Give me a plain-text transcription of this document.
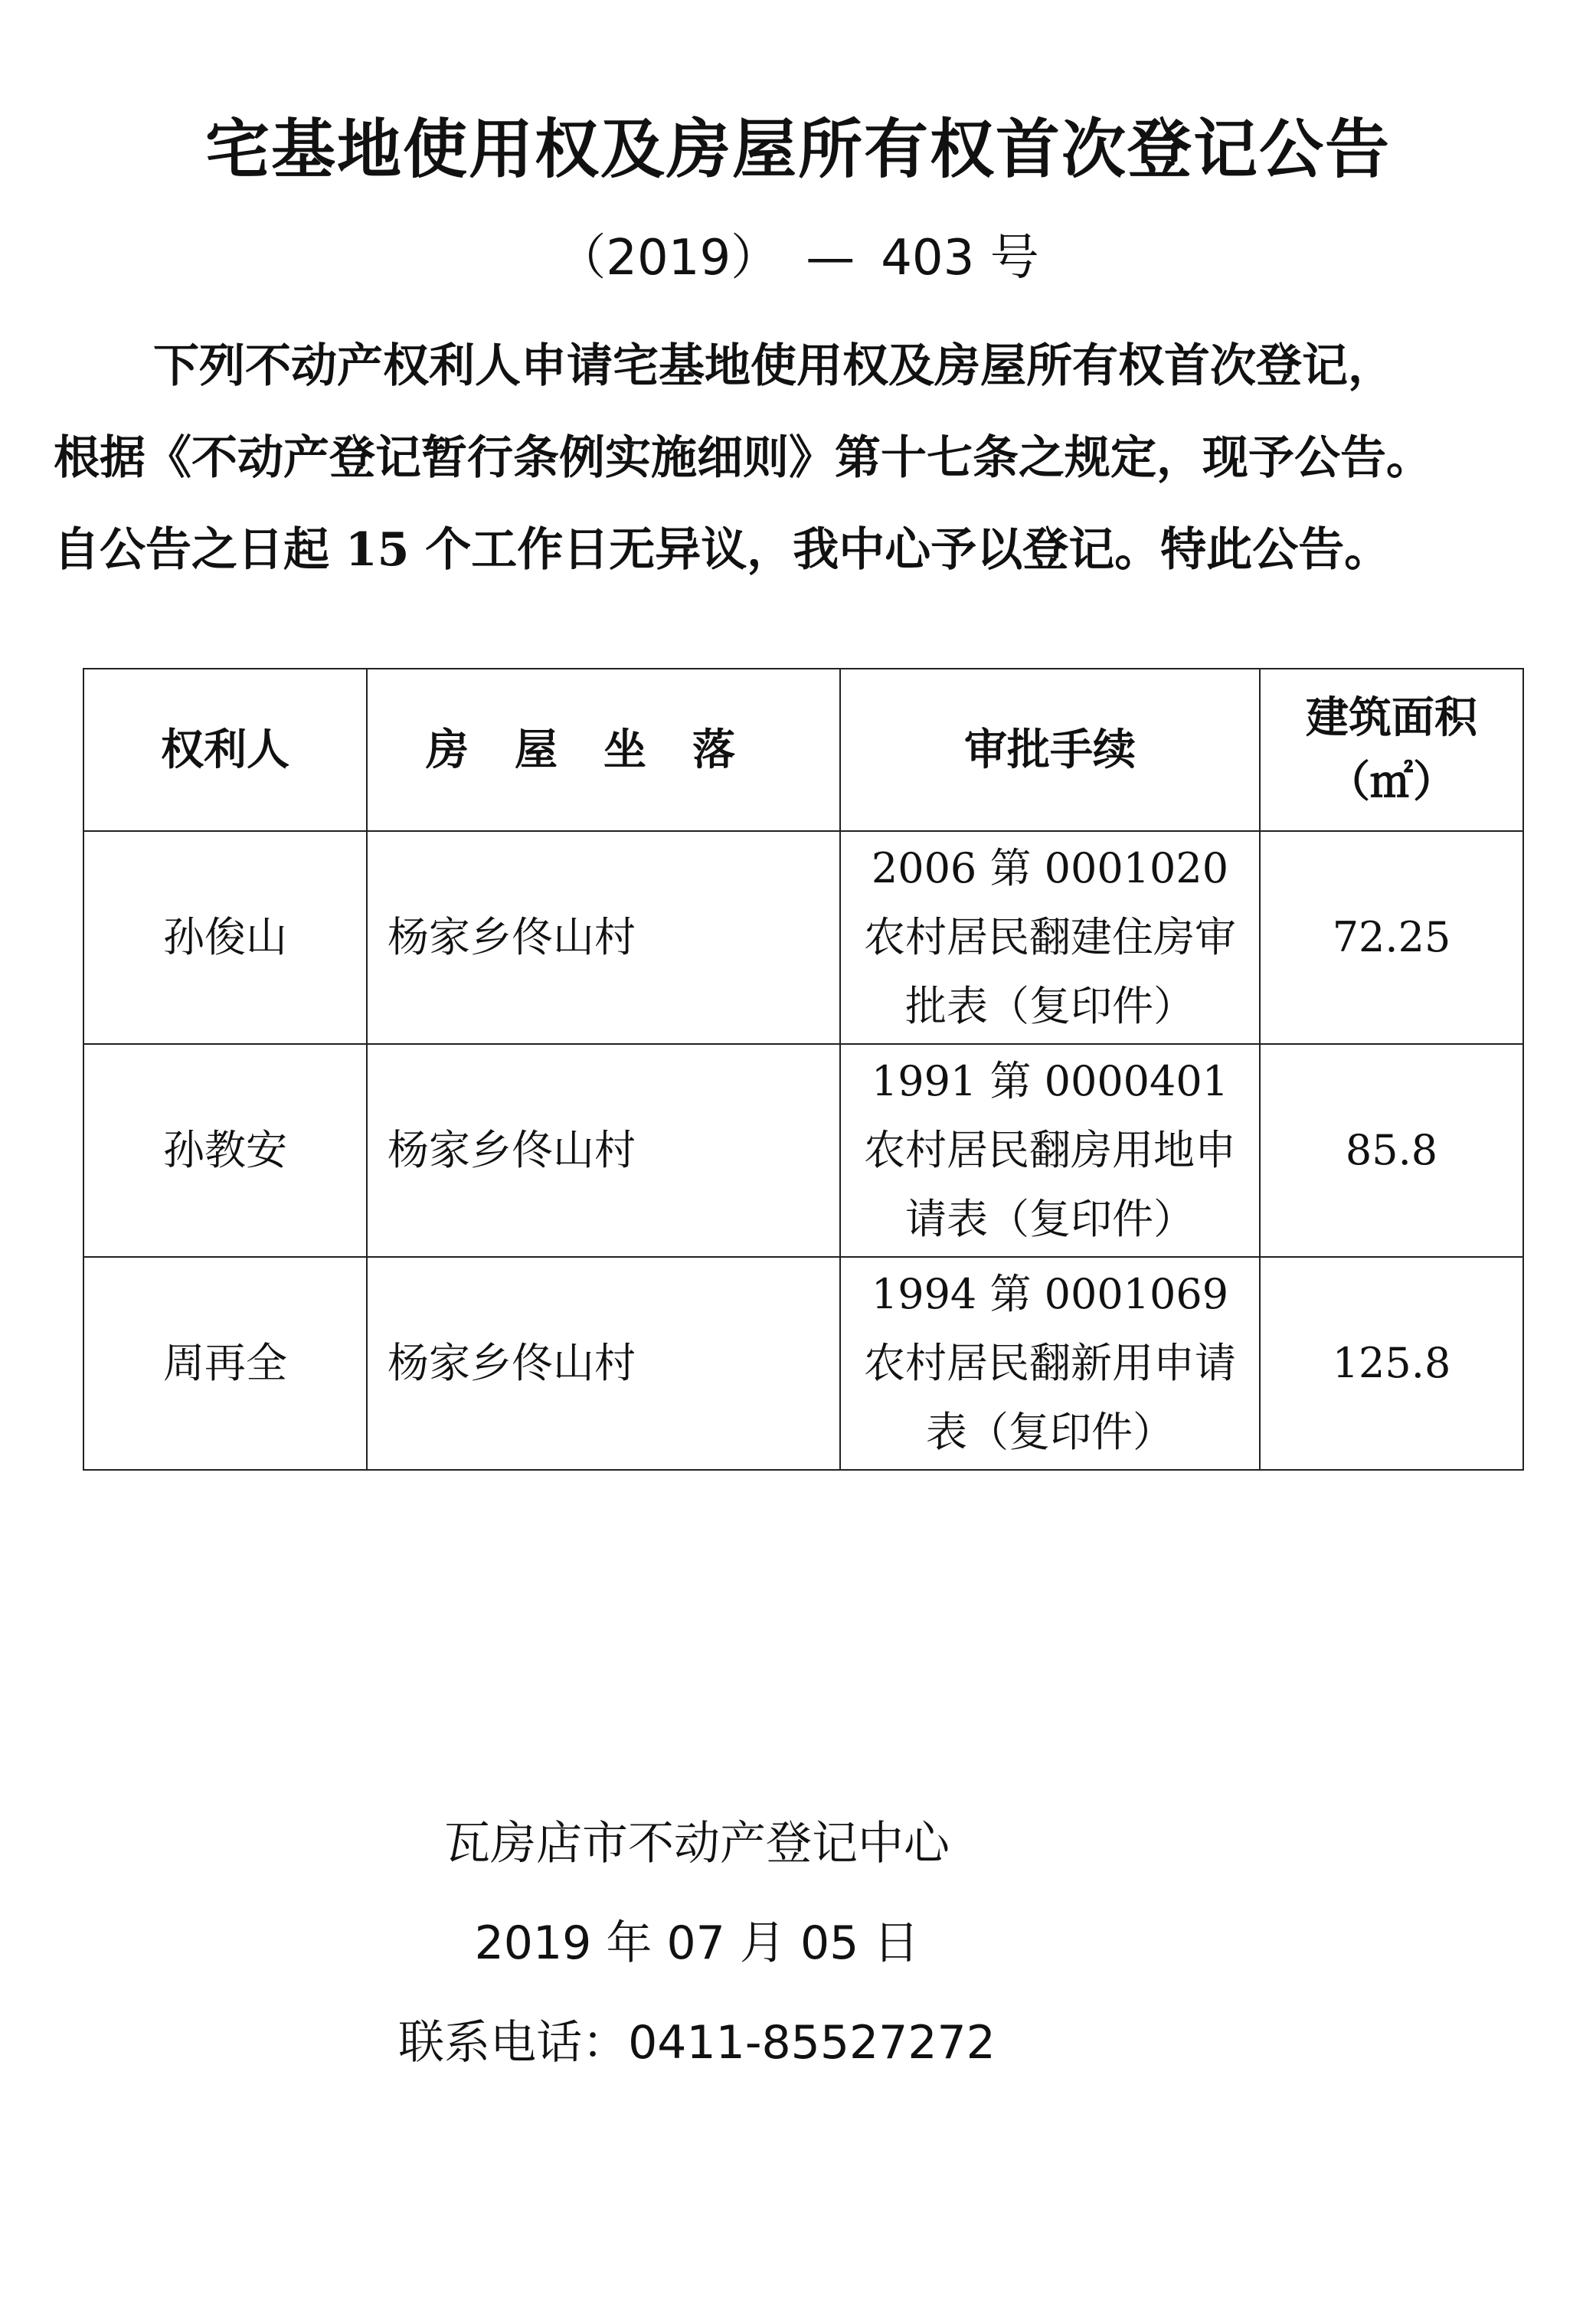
宅基地使用权及房屋所有权首次登记公告
（2019） — 403 号
下列不动产权利人申请宅基地使用权及房屋所有权首次登记，
根据《不动产登记暂行条例实施细则》第十七条之规定，现予公告。
自公告之日起 15 个工作日无异议，我中心予以登记。特此公告。
权利人	房屋坐落	审批手续	建筑面积
（㎡）

孙俊山	杨家乡佟山村	2006 第 0001020 农村居民翻建住房审批表（复印件）	72.25
孙教安	杨家乡佟山村	1991 第 0000401 农村居民翻房用地申请表（复印件）	85.8
周再全	杨家乡佟山村	1994 第 0001069 农村居民翻新用申请表（复印件）	125.8
瓦房店市不动产登记中心
2019 年 07 月 05 日
联系电话：0411-85527272
